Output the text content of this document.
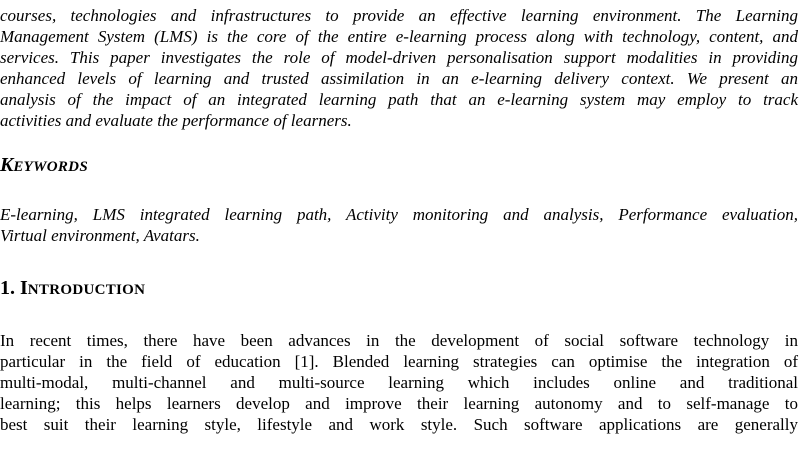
courses, technologies and infrastructures to provide an effective learning environment. The Learning
Management System (LMS) is the core of the entire e-learning process along with technology, content, and
services. This paper investigates the role of model-driven personalisation support modalities in providing
enhanced levels of learning and trusted assimilation in an e-learning delivery context. We present an
analysis of the impact of an integrated learning path that an e-learning system may employ to track
activities and evaluate the performance of learners.
KEYWORDS
E-learning, LMS integrated learning path, Activity monitoring and analysis, Performance evaluation,
Virtual environment, Avatars.
1. INTRODUCTION
In recent times, there have been advances in the development of social software technology in
particular in the field of education [1]. Blended learning strategies can optimise the integration of
multi-modal, multi-channel and multi-source learning which includes online and traditional
learning; this helps learners develop and improve their learning autonomy and to self-manage to
best suit their learning style, lifestyle and work style. Such software applications are generally
